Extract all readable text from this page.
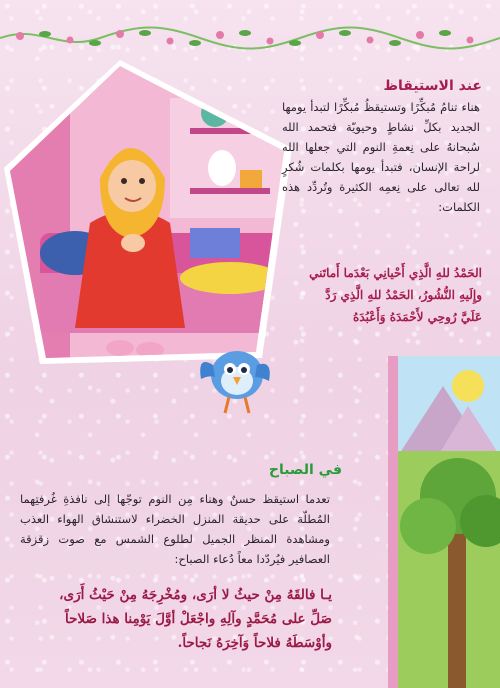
عند الاستيقاظ
هناء تنامُ مُبكِّرًا وتستيقظُ مُبكِّرًا لتبدأ يومها الجديد بكلِّ نشاطٍ وحيويّة فتحمد الله سُبحانهُ على نِعمةِ النوم التي جعلها الله لراحة الإنسان، فتبدأ يومها بكلمات شُكرٍ لله تعالى على نِعمِه الكثيرة وتُردِّد هذه الكلمات:
الحَمْدُ للهِ الَّذِي أَحْيانِي بَعْدَما أَماتَني
وإِلَيهِ النُّشُورُ، الحَمْدُ للهِ الَّذِي رَدَّ
عَلَيَّ رُوحِي لأَحْمَدَهُ وَأَعْبُدَهُ
في الصباح
تعدما استيقظ حسنٌ وهناء مِن النوم توجّها إلى نافذةِ غُرفتِهما المُطلّة على حديقة المنزل الخضراء لاستنشاق الهواء العذب ومشاهدة المنظر الجميل لطلوع الشمس مع صوت زقزقة العصافير فيُردّدا معاً دُعاء الصباح:
يـا فالقَهُ مِنْ حيثُ لا أرَى، ومُخْرِجَهُ مِنْ حَيْثُ أَرَى،
صَلِّ على مُحَمَّدٍ وآلِهِ واجْعَلْ أوَّلَ يَوْمِنا هذا صَلاحاً
وأوْسَطَهُ فلاحاً وَآخِرَهُ نَجاحاً.
